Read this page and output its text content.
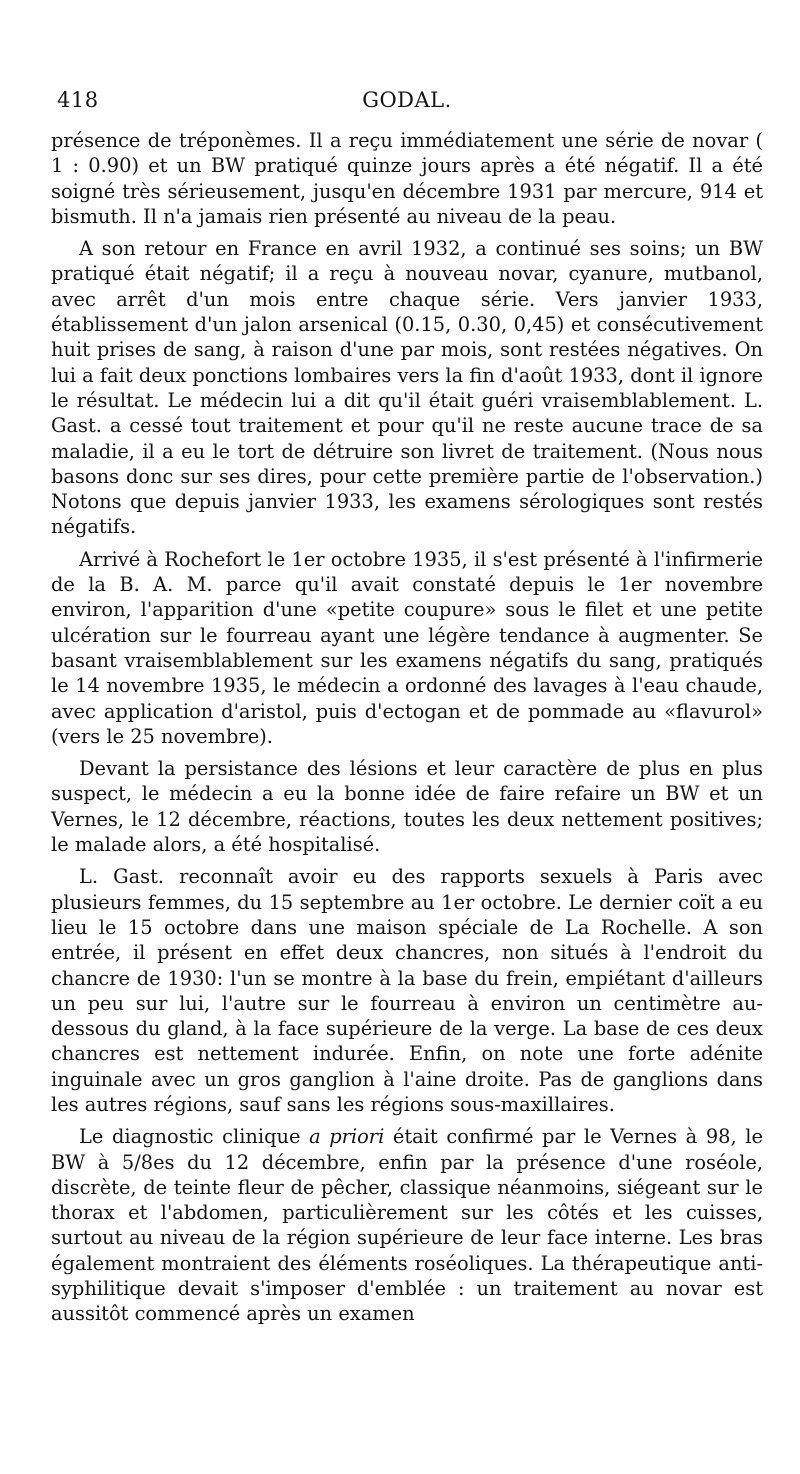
418	GODAL.

présence de tréponèmes. Il a reçu immédiatement une série de novar ( 1 : 0.90) et un BW pratiqué quinze jours après a été négatif. Il a été soigné très sérieusement, jusqu'en décembre 1931 par mercure, 914 et bismuth. Il n'a jamais rien présenté au niveau de la peau.

A son retour en France en avril 1932, a continué ses soins; un BW pratiqué était négatif; il a reçu à nouveau novar, cyanure, mutbanol, avec arrêt d'un mois entre chaque série. Vers janvier 1933, établissement d'un jalon arsenical (0.15, 0.30, 0,45) et consécutivement huit prises de sang, à raison d'une par mois, sont restées négatives. On lui a fait deux ponctions lombaires vers la fin d'août 1933, dont il ignore le résultat. Le médecin lui a dit qu'il était guéri vraisemblablement. L. Gast. a cessé tout traitement et pour qu'il ne reste aucune trace de sa maladie, il a eu le tort de détruire son livret de traitement. (Nous nous basons donc sur ses dires, pour cette première partie de l'observation.) Notons que depuis janvier 1933, les examens sérologiques sont restés négatifs.

Arrivé à Rochefort le 1er octobre 1935, il s'est présenté à l'infirmerie de la B. A. M. parce qu'il avait constaté depuis le 1er novembre environ, l'apparition d'une «petite coupure» sous le filet et une petite ulcération sur le fourreau ayant une légère tendance à augmenter. Se basant vraisemblablement sur les examens négatifs du sang, pratiqués le 14 novembre 1935, le médecin a ordonné des lavages à l'eau chaude, avec application d'aristol, puis d'ectogan et de pommade au «flavurol» (vers le 25 novembre).

Devant la persistance des lésions et leur caractère de plus en plus suspect, le médecin a eu la bonne idée de faire refaire un BW et un Vernes, le 12 décembre, réactions, toutes les deux nettement positives; le malade alors, a été hospitalisé.

L. Gast. reconnaît avoir eu des rapports sexuels à Paris avec plusieurs femmes, du 15 septembre au 1er octobre. Le dernier coït a eu lieu le 15 octobre dans une maison spéciale de La Rochelle. A son entrée, il présent en effet deux chancres, non situés à l'endroit du chancre de 1930: l'un se montre à la base du frein, empiétant d'ailleurs un peu sur lui, l'autre sur le fourreau à environ un centimètre au-dessous du gland, à la face supérieure de la verge. La base de ces deux chancres est nettement indurée. Enfin, on note une forte adénite inguinale avec un gros ganglion à l'aine droite. Pas de ganglions dans les autres régions, sauf sans les régions sous-maxillaires.

Le diagnostic clinique a priori était confirmé par le Vernes à 98, le BW à 5/8es du 12 décembre, enfin par la présence d'une roséole, discrète, de teinte fleur de pêcher, classique néanmoins, siégeant sur le thorax et l'abdomen, particulièrement sur les côtés et les cuisses, surtout au niveau de la région supérieure de leur face interne. Les bras également montraient des éléments roséoliques. La thérapeutique anti-syphilitique devait s'imposer d'emblée : un traitement au novar est aussitôt commencé après un examen
